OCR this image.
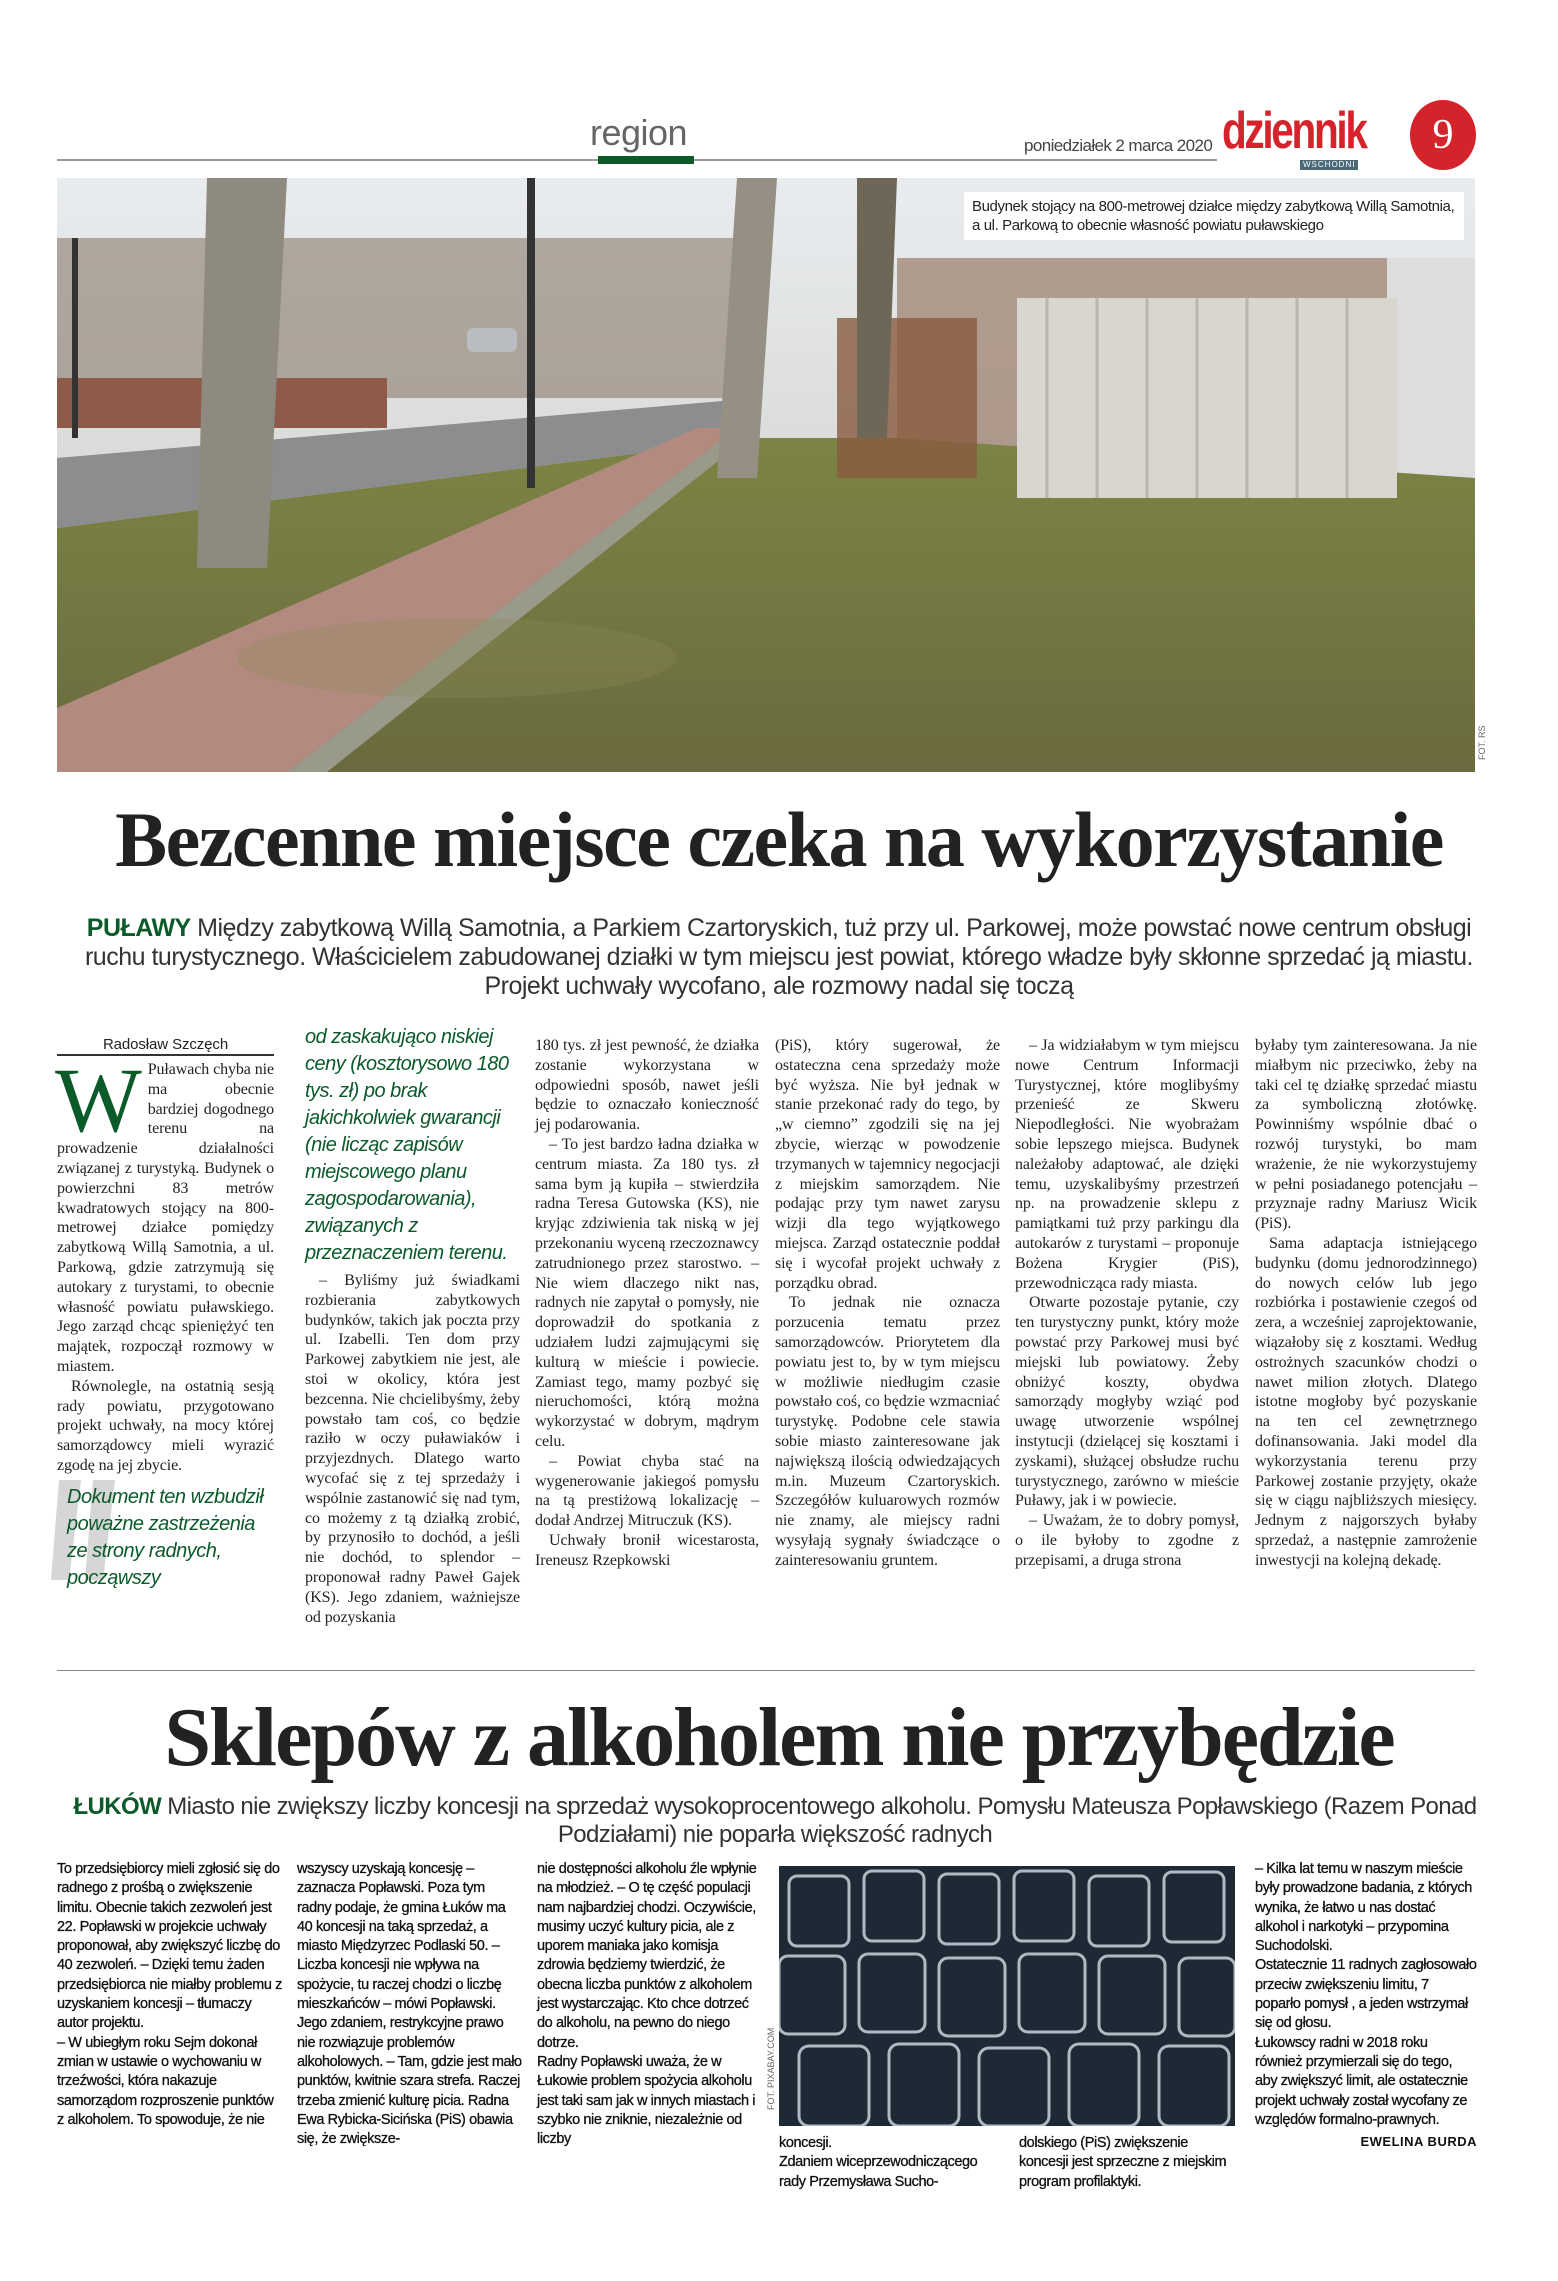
region	poniedziałek 2 marca 2020 dziennik
WSCHODNI
9
Budynek stojący na 800-metrowej działce między zabytkową Willą Samotnia, a ul. Parkową to obecnie własność powiatu puławskiego
FOT. RS
Bezcenne miejsce czeka na wykorzystanie
PUŁAWY Między zabytkową Willą Samotnia, a Parkiem Czartoryskich, tuż przy ul. Parkowej, może powstać nowe centrum obsługi ruchu turystycznego. Właścicielem zabudowanej działki w tym miejscu jest powiat, którego władze były skłonne sprzedać ją miastu. Projekt uchwały wycofano, ale rozmowy nadal się toczą
Radosław Szczęch

W Puławach chyba nie ma obecnie bardziej dogodnego terenu na prowadzenie działalności związanej z turystyką. Budynek o powierzchni 83 metrów kwadratowych stojący na 800-metrowej działce pomiędzy zabytkową Willą Samotnia, a ul. Parkową, gdzie zatrzymują się autokary z turystami, to obecnie własność powiatu puławskiego. Jego zarząd chcąc spieniężyć ten majątek, rozpoczął rozmowy w miastem.

Równolegle, na ostatnią sesją rady powiatu, przygotowano projekt uchwały, na mocy której samorządowcy mieli wyrazić zgodę na jej zbycie.

Dokument ten wzbudził poważne zastrzeżenia ze strony radnych, począwszy
od zaskakująco niskiej ceny (kosztorysowo 180 tys. zł) po brak jakichkolwiek gwarancji (nie licząc zapisów miejscowego planu zagospodarowania), związanych z przeznaczeniem terenu.

– Byliśmy już świadkami rozbierania zabytkowych budynków, takich jak poczta przy ul. Izabelli. Ten dom przy Parkowej zabytkiem nie jest, ale stoi w okolicy, która jest bezcenna. Nie chcielibyśmy, żeby powstało tam coś, co będzie raziło w oczy puławiaków i przyjezdnych. Dlatego warto wycofać się z tej sprzedaży i wspólnie zastanowić się nad tym, co możemy z tą działką zrobić, by przynosiło to dochód, a jeśli nie dochód, to splendor – proponował radny Paweł Gajek (KS). Jego zdaniem, ważniejsze od pozyskania

180 tys. zł jest pewność, że działka zostanie wykorzystana w odpowiedni sposób, nawet jeśli będzie to oznaczało konieczność jej podarowania.

– To jest bardzo ładna działka w centrum miasta. Za 180 tys. zł sama bym ją kupiła – stwierdziła radna Teresa Gutowska (KS), nie kryjąc zdziwienia tak niską w jej przekonaniu wyceną rzeczoznawcy zatrudnionego przez starostwo. – Nie wiem dlaczego nikt nas, radnych nie zapytał o pomysły, nie doprowadził do spotkania z udziałem ludzi zajmującymi się kulturą w mieście i powiecie. Zamiast tego, mamy pozbyć się nieruchomości, którą można wykorzystać w dobrym, mądrym celu.

– Powiat chyba stać na wygenerowanie jakiegoś pomysłu na tą prestiżową lokalizację – dodał Andrzej Mitruczuk (KS).

Uchwały bronił wicestarosta, Ireneusz Rzepkowski

(PiS), który sugerował, że ostateczna cena sprzedaży może być wyższa. Nie był jednak w stanie przekonać rady do tego, by „w ciemno” zgodzili się na jej zbycie, wierząc w powodzenie trzymanych w tajemnicy negocjacji z miejskim samorządem. Nie podając przy tym nawet zarysu wizji dla tego wyjątkowego miejsca. Zarząd ostatecznie poddał się i wycofał projekt uchwały z porządku obrad.

To jednak nie oznacza porzucenia tematu przez samorządowców. Priorytetem dla powiatu jest to, by w tym miejscu w możliwie niedługim czasie powstało coś, co będzie wzmacniać turystykę. Podobne cele stawia sobie miasto zainteresowane jak największą ilością odwiedzających m.in. Muzeum Czartoryskich. Szczegółów kuluarowych rozmów nie znamy, ale miejscy radni wysyłają sygnały świadczące o zainteresowaniu gruntem.

– Ja widziałabym w tym miejscu nowe Centrum Informacji Turystycznej, które moglibyśmy przenieść ze Skweru Niepodległości. Nie wyobrażam sobie lepszego miejsca. Budynek należałoby adaptować, ale dzięki temu, uzyskalibyśmy przestrzeń np. na prowadzenie sklepu z pamiątkami tuż przy parkingu dla autokarów z turystami – proponuje Bożena Krygier (PiS), przewodnicząca rady miasta.

Otwarte pozostaje pytanie, czy ten turystyczny punkt, który może powstać przy Parkowej musi być miejski lub powiatowy. Żeby obniżyć koszty, obydwa samorządy mogłyby wziąć pod uwagę utworzenie wspólnej instytucji (dzielącej się kosztami i zyskami), służącej obsłudze ruchu turystycznego, zarówno w mieście Puławy, jak i w powiecie.

– Uważam, że to dobry pomysł, o ile byłoby to zgodne z przepisami, a druga strona

byłaby tym zainteresowana. Ja nie miałbym nic przeciwko, żeby na taki cel tę działkę sprzedać miastu za symboliczną złotówkę. Powinniśmy wspólnie dbać o rozwój turystyki, bo mam wrażenie, że nie wykorzystujemy w pełni posiadanego potencjału – przyznaje radny Mariusz Wicik (PiS).

Sama adaptacja istniejącego budynku (domu jednorodzinnego) do nowych celów lub jego rozbiórka i postawienie czegoś od zera, a wcześniej zaprojektowanie, wiązałoby się z kosztami. Według ostrożnych szacunków chodzi o nawet milion złotych. Dlatego istotne mogłoby być pozyskanie na ten cel zewnętrznego dofinansowania. Jaki model dla wykorzystania terenu przy Parkowej zostanie przyjęty, okaże się w ciągu najbliższych miesięcy. Jednym z najgorszych byłaby sprzedaż, a następnie zamrożenie inwestycji na kolejną dekadę.

Sklepów z alkoholem nie przybędzie
ŁUKÓW Miasto nie zwiększy liczby koncesji na sprzedaż wysokoprocentowego alkoholu. Pomysłu Mateusza Popławskiego (Razem Ponad Podziałami) nie poparła większość radnych

To przedsiębiorcy mieli zgłosić się do radnego z prośbą o zwiększenie limitu. Obecnie takich zezwoleń jest 22. Popławski w projekcie uchwały proponował, aby zwiększyć liczbę do 40 zezwoleń. – Dzięki temu żaden przedsiębiorca nie miałby problemu z uzyskaniem koncesji – tłumaczy autor projektu.

– W ubiegłym roku Sejm dokonał zmian w ustawie o wychowaniu w trzeźwości, która nakazuje samorządom rozproszenie punktów z alkoholem. To spowoduje, że nie

wszyscy uzyskają koncesję – zaznacza Popławski. Poza tym radny podaje, że gmina Łuków ma 40 koncesji na taką sprzedaż, a miasto Międzyrzec Podlaski 50. – Liczba koncesji nie wpływa na spożycie, tu raczej chodzi o liczbę mieszkańców – mówi Popławski. Jego zdaniem, restrykcyjne prawo nie rozwiązuje problemów alkoholowych. – Tam, gdzie jest mało punktów, kwitnie szara strefa. Raczej trzeba zmienić kulturę picia. Radna Ewa Rybicka-Sicińska (PiS) obawia się, że zwiększe-

nie dostępności alkoholu źle wpłynie na młodzież. – O tę część populacji nam najbardziej chodzi. Oczywiście, musimy uczyć kultury picia, ale z uporem maniaka jako komisja zdrowia będziemy twierdzić, że obecna liczba punktów z alkoholem jest wystarczając. Kto chce dotrzeć do alkoholu, na pewno do niego dotrze.

Radny Popławski uważa, że w Łukowie problem spożycia alkoholu jest taki sam jak w innych miastach i szybko nie zniknie, niezależnie od liczby

FOT. PIXABAY.COM

koncesji.

Zdaniem wiceprzewodniczącego rady Przemysława Sucho-

dolskiego (PiS) zwiększenie koncesji jest sprzeczne z miejskim program profilaktyki.

– Kilka lat temu w naszym mieście były prowadzone badania, z których wynika, że łatwo u nas dostać alkohol i narkotyki – przypomina Suchodolski.

Ostatecznie 11 radnych zagłosowało przeciw zwiększeniu limitu, 7 poparło pomysł , a jeden wstrzymał się od głosu.

Łukowscy radni w 2018 roku również przymierzali się do tego, aby zwiększyć limit, ale ostatecznie projekt uchwały został wycofany ze względów formalno-prawnych.

EWELINA BURDA
